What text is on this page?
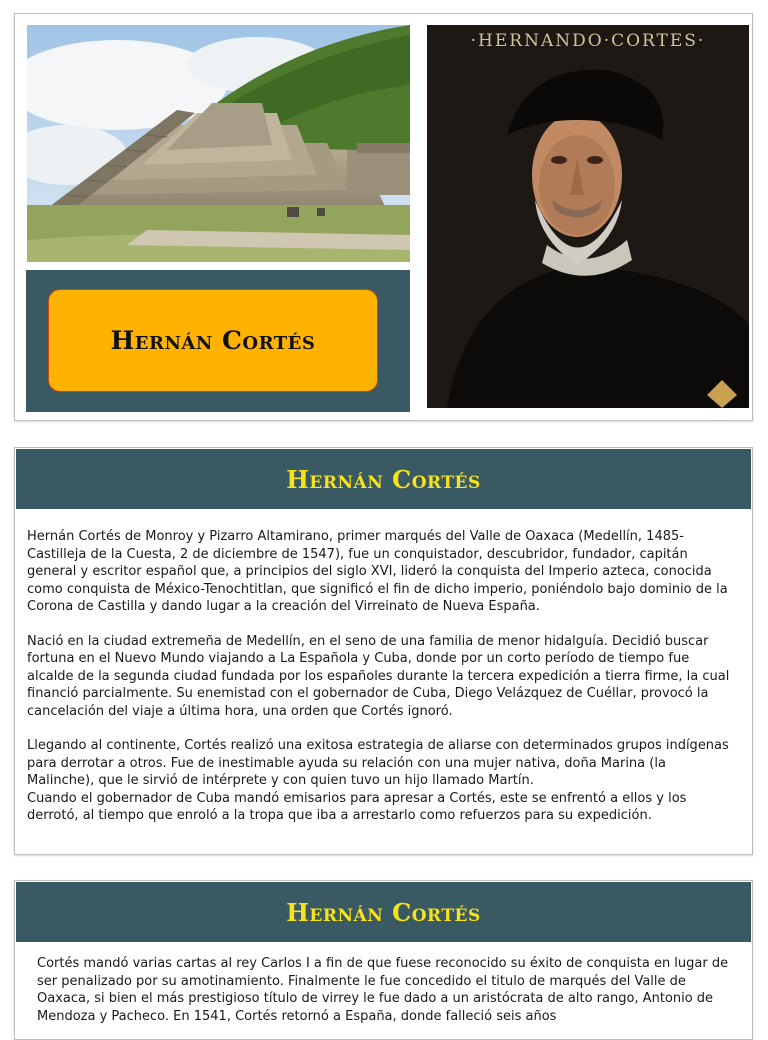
Hernán Cortés
·HERNANDO·CORTES·
Hernán Cortés

Hernán Cortés de Monroy y Pizarro Altamirano, primer marqués del Valle de Oaxaca (Medellín, 1485-Castilleja de la Cuesta, 2 de diciembre de 1547), fue un conquistador, descubridor, fundador, capitán general y escritor español que, a principios del siglo XVI, lideró la conquista del Imperio azteca, conocida como conquista de México-Tenochtitlan, que significó el fin de dicho imperio, poniéndolo bajo dominio de la Corona de Castilla y dando lugar a la creación del Virreinato de Nueva España.

Nació en la ciudad extremeña de Medellín, en el seno de una familia de menor hidalguía. Decidió buscar fortuna en el Nuevo Mundo viajando a La Española y Cuba, donde por un corto período de tiempo fue alcalde de la segunda ciudad fundada por los españoles durante la tercera expedición a tierra firme, la cual financió parcialmente. Su enemistad con el gobernador de Cuba, Diego Velázquez de Cuéllar, provocó la cancelación del viaje a última hora, una orden que Cortés ignoró.

Llegando al continente, Cortés realizó una exitosa estrategia de aliarse con determinados grupos indígenas para derrotar a otros. Fue de inestimable ayuda su relación con una mujer nativa, doña Marina (la Malinche), que le sirvió de intérprete y con quien tuvo un hijo llamado Martín.

Cuando el gobernador de Cuba mandó emisarios para apresar a Cortés, este se enfrentó a ellos y los derrotó, al tiempo que enroló a la tropa que iba a arrestarlo como refuerzos para su expedición.

Hernán Cortés

Cortés mandó varias cartas al rey Carlos I a fin de que fuese reconocido su éxito de conquista en lugar de ser penalizado por su amotinamiento. Finalmente le fue concedido el titulo de marqués del Valle de Oaxaca, si bien el más prestigioso título de virrey le fue dado a un aristócrata de alto rango, Antonio de Mendoza y Pacheco. En 1541, Cortés retornó a España, donde falleció seis años
